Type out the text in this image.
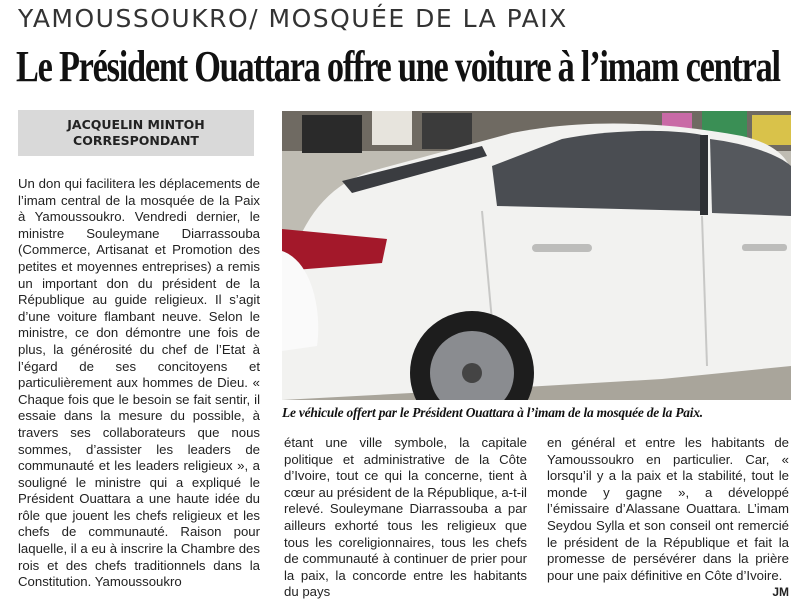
YAMOUSSOUKRO/ MOSQUÉE DE LA PAIX
Le Président Ouattara offre une voiture à l’imam central
JACQUELIN MINTOH
CORRESPONDANT

Un don qui facilitera les déplacements de l’imam central de la mosquée de la Paix à Yamoussoukro. Vendredi dernier, le ministre Souleymane Diarrassouba (Commerce, Artisanat et Promotion des petites et moyennes entreprises) a remis un important don du président de la République au guide religieux. Il s’agit d’une voiture flambant neuve. Selon le ministre, ce don démontre une fois de plus, la générosité du chef de l’Etat à l’égard de ses concitoyens et particulièrement aux hommes de Dieu. « Chaque fois que le besoin se fait sentir, il essaie dans la mesure du possible, à travers ses collaborateurs que nous sommes, d’assister les leaders de communauté et les leaders religieux », a souligné le ministre qui a expliqué le Président Ouattara a une haute idée du rôle que jouent les chefs religieux et les chefs de communauté. Raison pour laquelle, il a eu à inscrire la Chambre des rois et des chefs traditionnels dans la Constitution. Yamoussoukro

Le véhicule offert par le Président Ouattara à l’imam de la mosquée de la Paix.

étant une ville symbole, la capitale politique et administrative de la Côte d’Ivoire, tout ce qui la concerne, tient à cœur au président de la République, a-t-il relevé. Souleymane Diarrassouba a par ailleurs exhorté tous les religieux que tous les coreligionnaires, tous les chefs de communauté à continuer de prier pour la paix, la concorde entre les habitants du pays

en général et entre les habitants de Yamoussoukro en particulier. Car, « lorsqu’il y a la paix et la stabilité, tout le monde y gagne », a développé l’émissaire d’Alassane Ouattara. L’imam Seydou Sylla et son conseil ont remercié le président de la République et fait la promesse de persévérer dans la prière pour une paix définitive en Côte d’Ivoire.
JM
